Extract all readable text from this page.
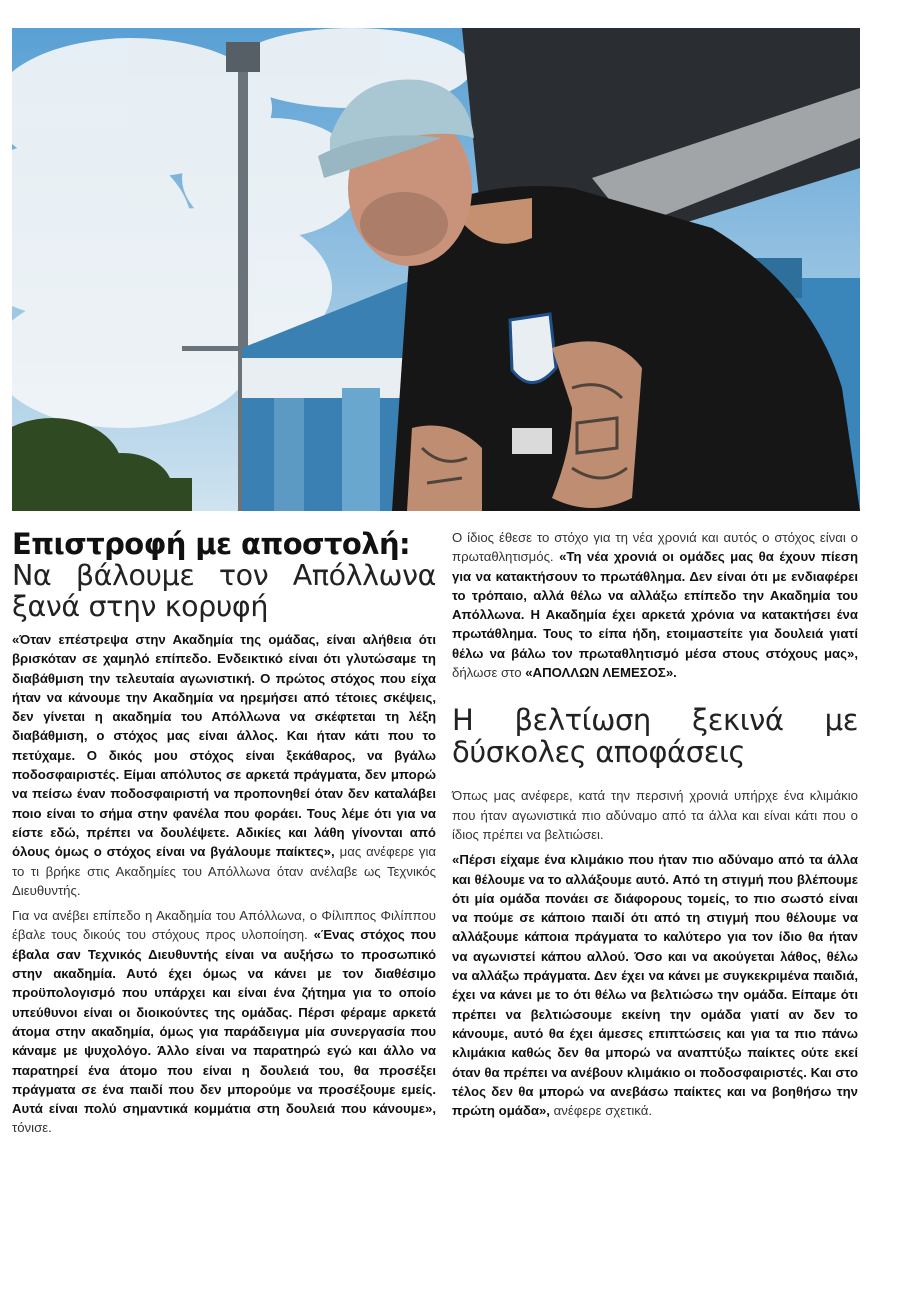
Επιστροφή με αποστολή:
Να βάλουμε τον Απόλλωνα ξανά στην κορυφή

«Όταν επέστρεψα στην Ακαδημία της ομάδας, είναι αλήθεια ότι βρισκόταν σε χαμηλό επίπεδο. Ενδεικτικό είναι ότι γλυτώσαμε τη διαβάθμιση την τελευταία αγωνιστική. Ο πρώτος στόχος που είχα ήταν να κάνουμε την Ακαδημία να ηρεμήσει από τέτοιες σκέψεις, δεν γίνεται η ακαδημία του Απόλλωνα να σκέφτεται τη λέξη διαβάθμιση, ο στόχος μας είναι άλλος. Και ήταν κάτι που το πετύχαμε. Ο δικός μου στόχος είναι ξεκάθαρος, να βγάλω ποδοσφαιριστές. Είμαι απόλυτος σε αρκετά πράγματα, δεν μπορώ να πείσω έναν ποδοσφαιριστή να προπονηθεί όταν δεν καταλάβει ποιο είναι το σήμα στην φανέλα που φοράει. Τους λέμε ότι για να είστε εδώ, πρέπει να δουλέψετε. Αδικίες και λάθη γίνονται από όλους όμως ο στόχος είναι να βγάλουμε παίκτες», μας ανέφερε για το τι βρήκε στις Ακαδημίες του Απόλλωνα όταν ανέλαβε ως Τεχνικός Διευθυντής.

Για να ανέβει επίπεδο η Ακαδημία του Απόλλωνα, ο Φίλιππος Φιλίππου έβαλε τους δικούς του στόχους προς υλοποίηση. «Ένας στόχος που έβαλα σαν Τεχνικός Διευθυντής είναι να αυξήσω το προσωπικό στην ακαδημία. Αυτό έχει όμως να κάνει με τον διαθέσιμο προϋπολογισμό που υπάρχει και είναι ένα ζήτημα για το οποίο υπεύθυνοι είναι οι διοικούντες της ομάδας. Πέρσι φέραμε αρκετά άτομα στην ακαδημία, όμως για παράδειγμα μία συνεργασία που κάναμε με ψυχολόγο. Άλλο είναι να παρατηρώ εγώ και άλλο να παρατηρεί ένα άτομο που είναι η δουλειά του, θα προσέξει πράγματα σε ένα παιδί που δεν μπορούμε να προσέξουμε εμείς. Αυτά είναι πολύ σημαντικά κομμάτια στη δουλειά που κάνουμε», τόνισε.

Ο ίδιος έθεσε το στόχο για τη νέα χρονιά και αυτός ο στόχος είναι ο πρωταθλητισμός. «Τη νέα χρονιά οι ομάδες μας θα έχουν πίεση για να κατακτήσουν το πρωτάθλημα. Δεν είναι ότι με ενδιαφέρει το τρόπαιο, αλλά θέλω να αλλάξω επίπεδο την Ακαδημία του Απόλλωνα. Η Ακαδημία έχει αρκετά χρόνια να κατακτήσει ένα πρωτάθλημα. Τους το είπα ήδη, ετοιμαστείτε για δουλειά γιατί θέλω να βάλω τον πρωταθλητισμό μέσα στους στόχους μας», δήλωσε στο «ΑΠΟΛΛΩΝ ΛΕΜΕΣΟΣ».

Η βελτίωση ξεκινά με δύσκολες αποφάσεις

Όπως μας ανέφερε, κατά την περσινή χρονιά υπήρχε ένα κλιμάκιο που ήταν αγωνιστικά πιο αδύναμο από τα άλλα και είναι κάτι που ο ίδιος πρέπει να βελτιώσει.

«Πέρσι είχαμε ένα κλιμάκιο που ήταν πιο αδύναμο από τα άλλα και θέλουμε να το αλλάξουμε αυτό. Από τη στιγμή που βλέπουμε ότι μία ομάδα πονάει σε διάφορους τομείς, το πιο σωστό είναι να πούμε σε κάποιο παιδί ότι από τη στιγμή που θέλουμε να αλλάξουμε κάποια πράγματα το καλύτερο για τον ίδιο θα ήταν να αγωνιστεί κάπου αλλού. Όσο και να ακούγεται λάθος, θέλω να αλλάξω πράγματα. Δεν έχει να κάνει με συγκεκριμένα παιδιά, έχει να κάνει με το ότι θέλω να βελτιώσω την ομάδα. Είπαμε ότι πρέπει να βελτιώσουμε εκείνη την ομάδα γιατί αν δεν το κάνουμε, αυτό θα έχει άμεσες επιπτώσεις και για τα πιο πάνω κλιμάκια καθώς δεν θα μπορώ να αναπτύξω παίκτες ούτε εκεί όταν θα πρέπει να ανέβουν κλιμάκιο οι ποδοσφαιριστές. Και στο τέλος δεν θα μπορώ να ανεβάσω παίκτες και να βοηθήσω την πρώτη ομάδα», ανέφερε σχετικά.
